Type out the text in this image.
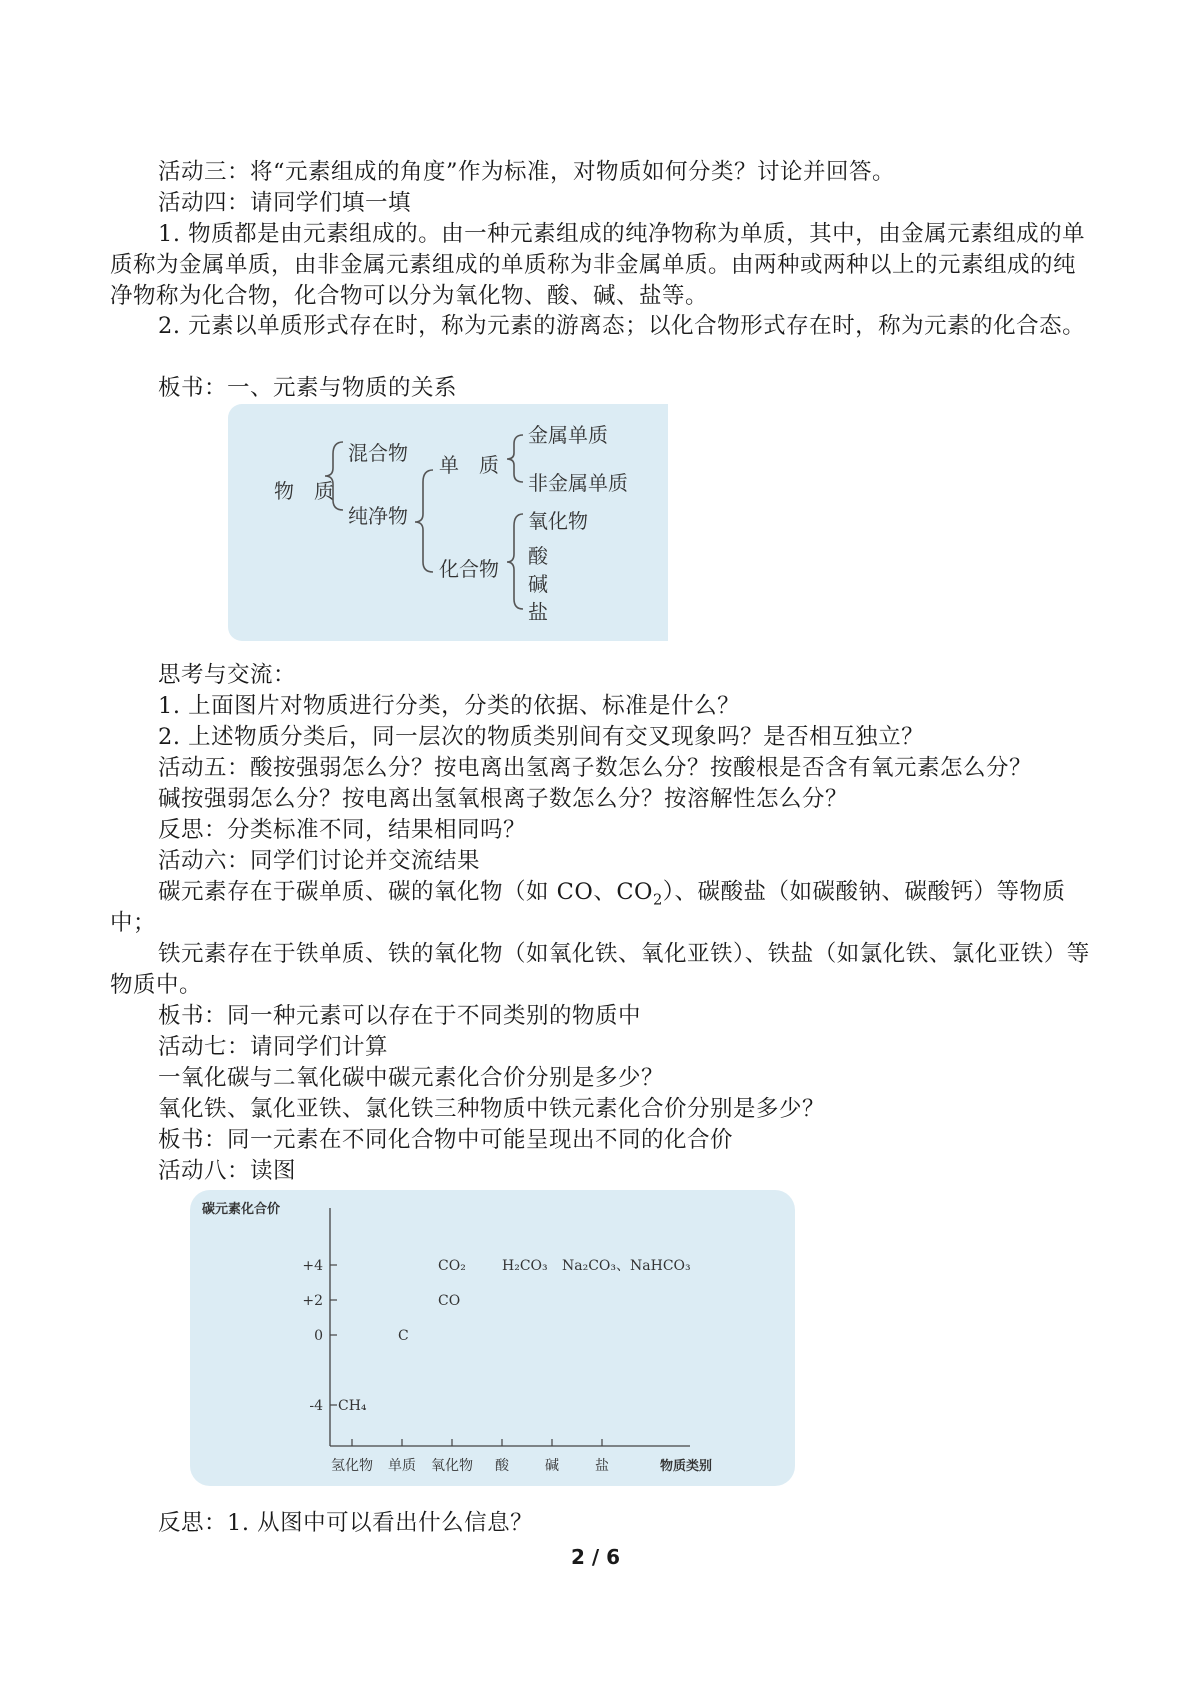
活动三：将“元素组成的角度”作为标准，对物质如何分类？讨论并回答。

活动四：请同学们填一填

1. 物质都是由元素组成的。由一种元素组成的纯净物称为单质，其中，由金属元素组成的单质称为金属单质，由非金属元素组成的单质称为非金属单质。由两种或两种以上的元素组成的纯净物称为化合物，化合物可以分为氧化物、酸、碱、盐等。

2. 元素以单质形式存在时，称为元素的游离态；以化合物形式存在时，称为元素的化合态。

板书：一、元素与物质的关系

物　质
混合物
纯净物
单　质
化合物
金属单质
非金属单质
氧化物
酸
碱
盐

思考与交流：

1. 上面图片对物质进行分类，分类的依据、标准是什么？

2. 上述物质分类后，同一层次的物质类别间有交叉现象吗？是否相互独立？

活动五：酸按强弱怎么分？按电离出氢离子数怎么分？按酸根是否含有氧元素怎么分？

碱按强弱怎么分？按电离出氢氧根离子数怎么分？按溶解性怎么分？

反思：分类标准不同，结果相同吗？

活动六：同学们讨论并交流结果

碳元素存在于碳单质、碳的氧化物（如 CO、$CO_2$）、碳酸盐（如碳酸钠、碳酸钙）等物质中；

铁元素存在于铁单质、铁的氧化物（如氧化铁、氧化亚铁）、铁盐（如氯化铁、氯化亚铁）等物质中。

板书：同一种元素可以存在于不同类别的物质中

活动七：请同学们计算

一氧化碳与二氧化碳中碳元素化合价分别是多少？

氧化铁、氯化亚铁、氯化铁三种物质中铁元素化合价分别是多少？

板书：同一元素在不同化合物中可能呈现出不同的化合价

活动八：读图

碳元素化合价
物质类别
+4
+2
0
-4
氢化物 单质 氧化物 酸	碱	盐
CH₄
C
CO
CO₂	H₂CO₃ Na₂CO₃、NaHCO₃

反思：1. 从图中可以看出什么信息？

2 / 6
